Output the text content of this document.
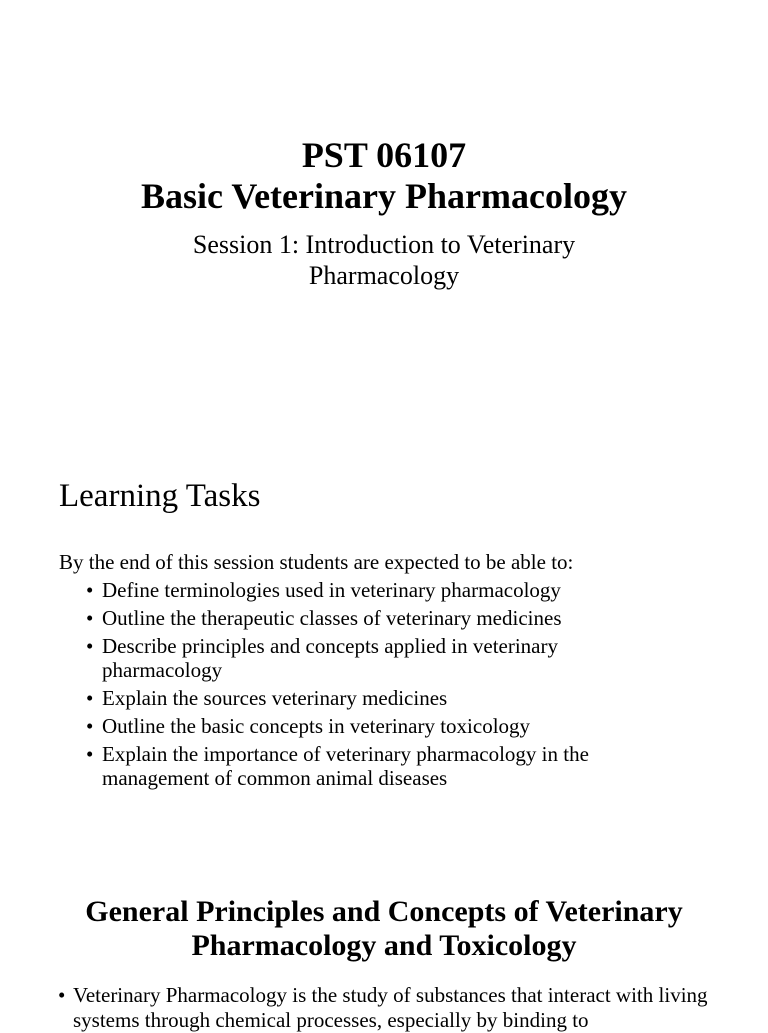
PST 06107
Basic Veterinary Pharmacology
Session 1: Introduction to Veterinary Pharmacology
Learning Tasks
By the end of this session students are expected to be able to:
• Define terminologies used in veterinary pharmacology
• Outline the therapeutic classes of veterinary medicines
• Describe principles and concepts applied in veterinary pharmacology
• Explain the sources veterinary medicines
• Outline the basic concepts in veterinary toxicology
• Explain the importance of veterinary pharmacology in the management of common animal diseases
General Principles and Concepts of Veterinary Pharmacology and Toxicology
• Veterinary Pharmacology is the study of substances that interact with living systems through chemical processes, especially by binding to
